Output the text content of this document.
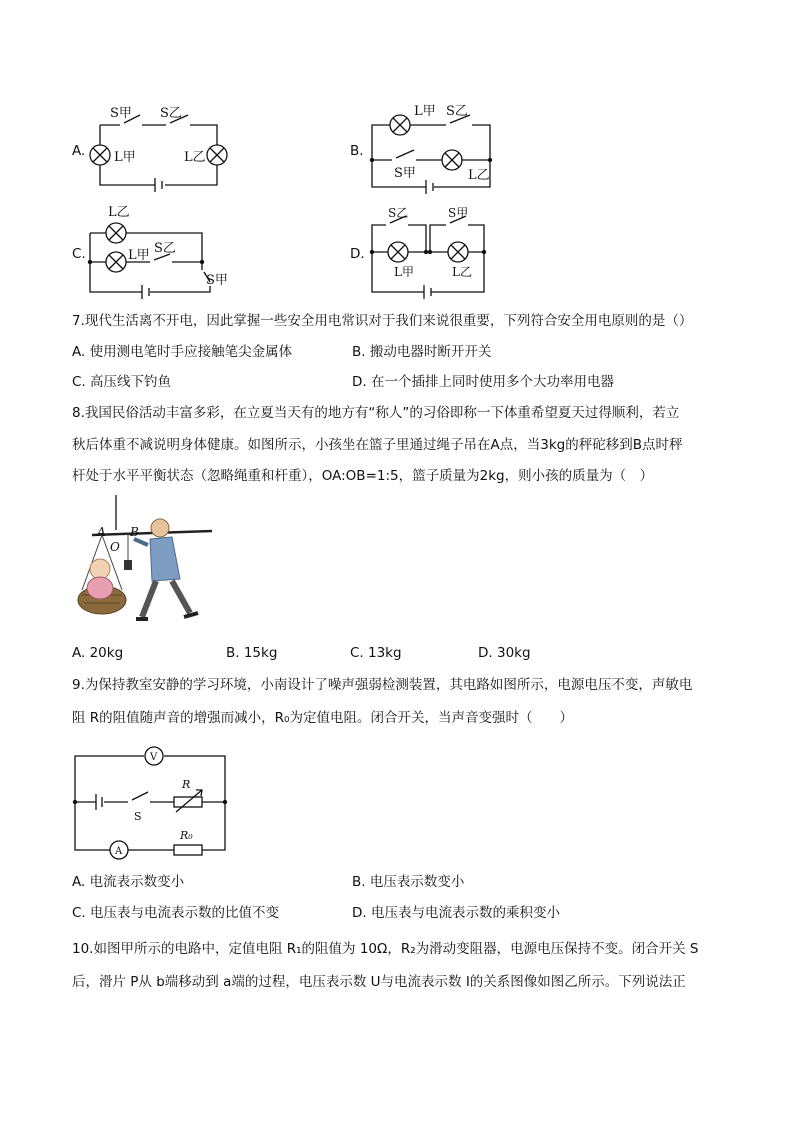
A.	B.
C.	D.
S甲 S乙
L甲	L乙
L甲 S乙
S甲	L乙
L乙
L甲 S乙
S甲
S乙	S甲
L甲	L乙
7.现代生活离不开电，因此掌握一些安全用电常识对于我们来说很重要，下列符合安全用电原则的是（）
A. 使用测电笔时手应接触笔尖金属体	B. 搬动电器时断开开关
C. 高压线下钓鱼	D. 在一个插排上同时使用多个大功率用电器
8.我国民俗活动丰富多彩，在立夏当天有的地方有“称人”的习俗即称一下体重希望夏天过得顺利，若立
秋后体重不减说明身体健康。如图所示，小孩坐在篮子里通过绳子吊在A点，当3kg的秤砣移到B点时秤
杆处于水平平衡状态（忽略绳重和杆重），OA:OB=1:5，篮子质量为2kg，则小孩的质量为（　）
A B
O
A. 20kg	B. 15kg	C. 13kg	D. 30kg
9.为保持教室安静的学习环境，小南设计了噪声强弱检测装置，其电路如图所示，电源电压不变，声敏电
阻 R的阻值随声音的增强而减小，R₀为定值电阻。闭合开关，当声音变强时（　　）
V
A
S
R
R₀
A. 电流表示数变小	B. 电压表示数变小
C. 电压表与电流表示数的比值不变	D. 电压表与电流表示数的乘积变小
10.如图甲所示的电路中，定值电阻 R₁的阻值为 10Ω，R₂为滑动变阻器，电源电压保持不变。闭合开关 S
后，滑片 P从 b端移动到 a端的过程，电压表示数 U与电流表示数 I的关系图像如图乙所示。下列说法正
